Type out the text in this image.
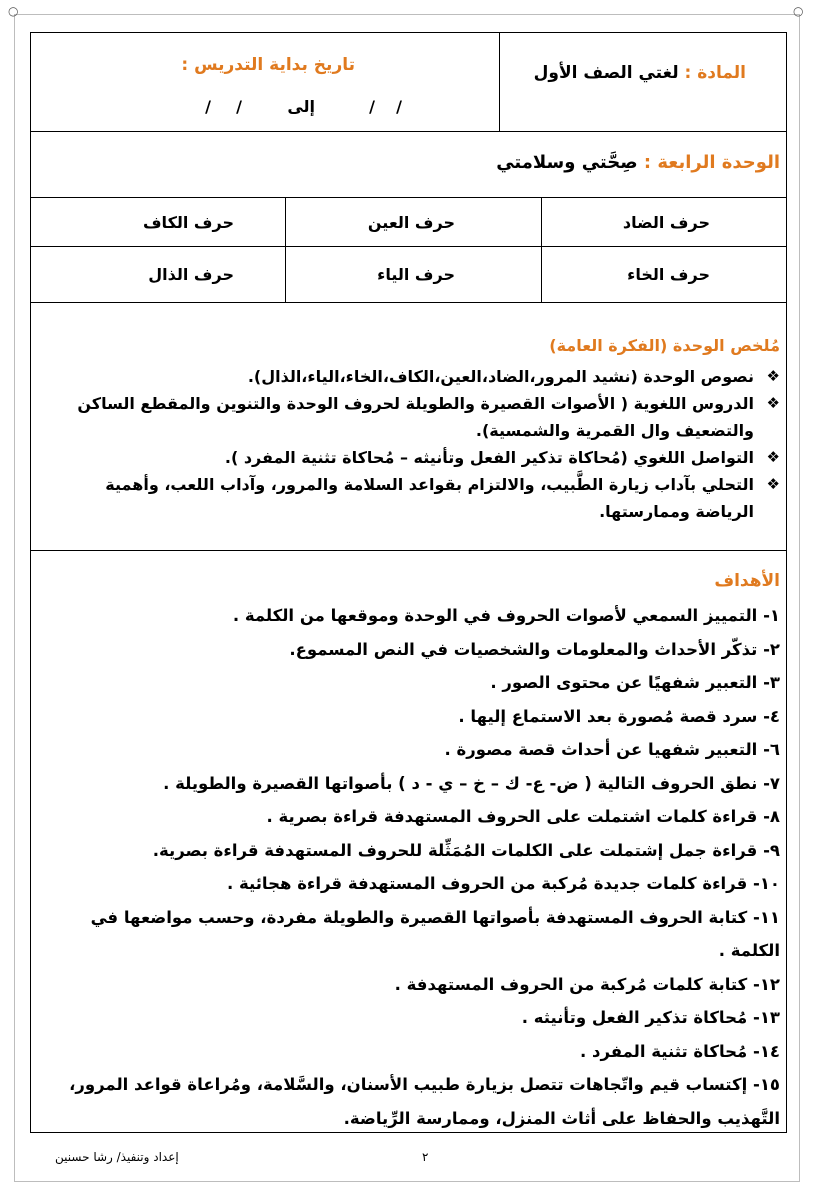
○	○
المادة : لغتي الصف الأول
تاريخ بداية التدريس :
/
/
إلى
/
/
الوحدة الرابعة : صِحَّتي وسلامتي
حرف الضاد
حرف العين
حرف الكاف
حرف الخاء
حرف الياء
حرف الذال
مُلخص الوحدة (الفكرة العامة)
❖
نصوص الوحدة (نشيد المرور،الضاد،العين،الكاف،الخاء،الياء،الذال).
❖
الدروس اللغوية ( الأصوات القصيرة والطويلة لحروف الوحدة والتنوين والمقطع الساكن والتضعيف وال القمرية والشمسية).
❖
التواصل اللغوي (مُحاكاة تذكير الفعل وتأنيثه – مُحاكاة تثنية المفرد ).
❖
التحلي بآداب زيارة الطَّبيب، والالتزام بقواعد السلامة والمرور، وآداب اللعب، وأهمية الرياضة وممارستها.
الأهداف
١- التمييز السمعي لأصوات الحروف في الوحدة وموقعها من الكلمة .
٢- تذكّر الأحداث والمعلومات والشخصيات في النص المسموع.
٣- التعبير شفهيًا عن محتوى الصور .
٤- سرد قصة مُصورة بعد الاستماع إليها .
٦- التعبير شفهيا عن أحداث قصة مصورة .
٧- نطق الحروف التالية ( ض- ع- ك – خ – ي - د ) بأصواتها القصيرة والطويلة .
٨- قراءة كلمات اشتملت على الحروف المستهدفة قراءة بصرية .
٩- قراءة جمل إشتملت على الكلمات المُمَثِّلة للحروف المستهدفة قراءة بصرية.
١٠- قراءة كلمات جديدة مُركبة من الحروف المستهدفة قراءة هجائية .
١١- كتابة الحروف المستهدفة بأصواتها القصيرة والطويلة مفردة، وحسب مواضعها في الكلمة .
١٢- كتابة كلمات مُركبة من الحروف المستهدفة .
١٣- مُحاكاة تذكير الفعل وتأنيثه .
١٤- مُحاكاة تثنية المفرد .
١٥- إكتساب قيم واتّجاهات تتصل بزيارة طبيب الأسنان، والسَّلامة، ومُراعاة قواعد المرور، التَّهذيب والحفاظ على أثاث المنزل، وممارسة الرِّياضة.
٢
إعداد وتنفيذ/ رشا حسنين
